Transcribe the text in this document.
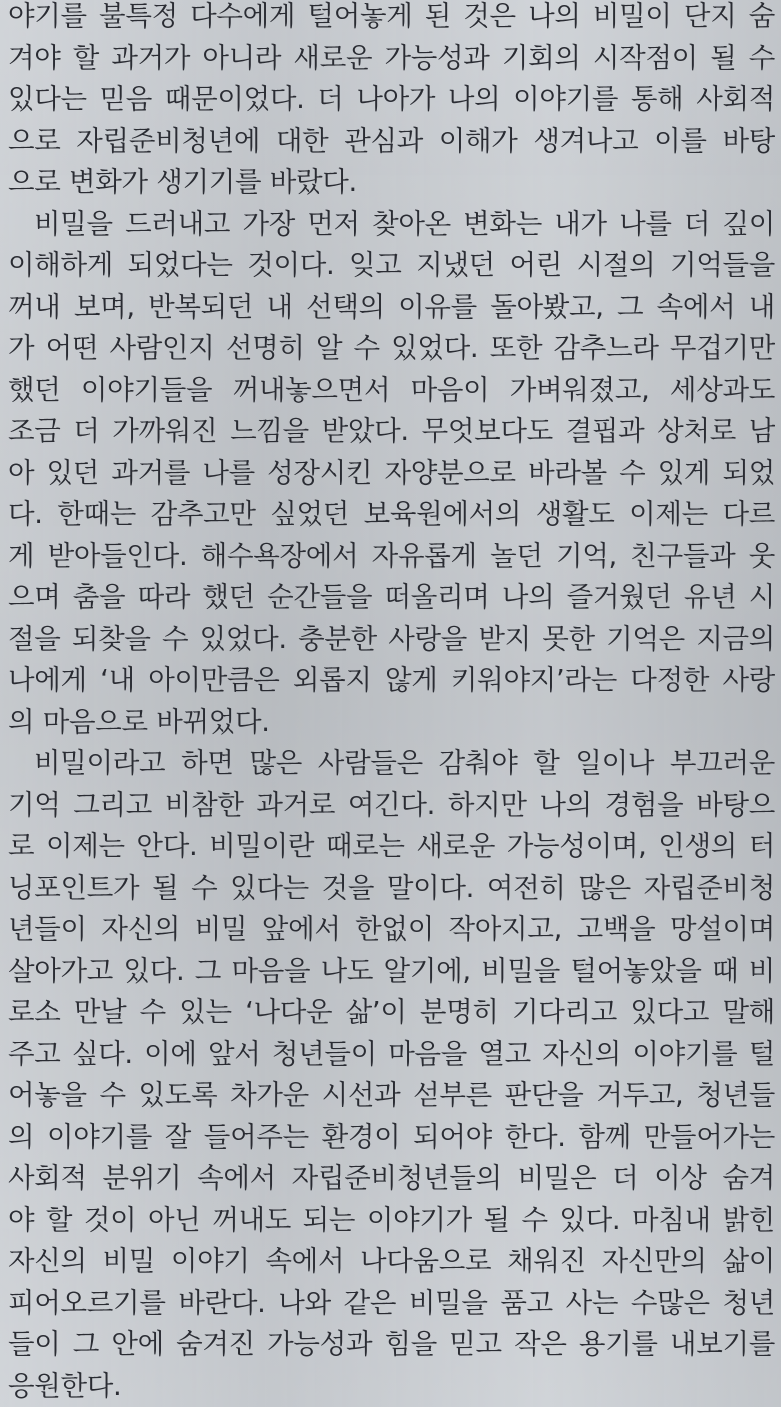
야기를 불특정 다수에게 털어놓게 된 것은 나의 비밀이 단지 숨
겨야 할 과거가 아니라 새로운 가능성과 기회의 시작점이 될 수
있다는 믿음 때문이었다. 더 나아가 나의 이야기를 통해 사회적
으로 자립준비청년에 대한 관심과 이해가 생겨나고 이를 바탕
으로 변화가 생기기를 바랐다.
비밀을 드러내고 가장 먼저 찾아온 변화는 내가 나를 더 깊이
이해하게 되었다는 것이다. 잊고 지냈던 어린 시절의 기억들을
꺼내 보며, 반복되던 내 선택의 이유를 돌아봤고, 그 속에서 내
가 어떤 사람인지 선명히 알 수 있었다. 또한 감추느라 무겁기만
했던 이야기들을 꺼내놓으면서 마음이 가벼워졌고, 세상과도
조금 더 가까워진 느낌을 받았다. 무엇보다도 결핍과 상처로 남
아 있던 과거를 나를 성장시킨 자양분으로 바라볼 수 있게 되었
다. 한때는 감추고만 싶었던 보육원에서의 생활도 이제는 다르
게 받아들인다. 해수욕장에서 자유롭게 놀던 기억, 친구들과 웃
으며 춤을 따라 했던 순간들을 떠올리며 나의 즐거웠던 유년 시
절을 되찾을 수 있었다. 충분한 사랑을 받지 못한 기억은 지금의
나에게 ‘내 아이만큼은 외롭지 않게 키워야지’라는 다정한 사랑
의 마음으로 바뀌었다.
비밀이라고 하면 많은 사람들은 감춰야 할 일이나 부끄러운
기억 그리고 비참한 과거로 여긴다. 하지만 나의 경험을 바탕으
로 이제는 안다. 비밀이란 때로는 새로운 가능성이며, 인생의 터
닝포인트가 될 수 있다는 것을 말이다. 여전히 많은 자립준비청
년들이 자신의 비밀 앞에서 한없이 작아지고, 고백을 망설이며
살아가고 있다. 그 마음을 나도 알기에, 비밀을 털어놓았을 때 비
로소 만날 수 있는 ‘나다운 삶’이 분명히 기다리고 있다고 말해
주고 싶다. 이에 앞서 청년들이 마음을 열고 자신의 이야기를 털
어놓을 수 있도록 차가운 시선과 섣부른 판단을 거두고, 청년들
의 이야기를 잘 들어주는 환경이 되어야 한다. 함께 만들어가는
사회적 분위기 속에서 자립준비청년들의 비밀은 더 이상 숨겨
야 할 것이 아닌 꺼내도 되는 이야기가 될 수 있다. 마침내 밝힌
자신의 비밀 이야기 속에서 나다움으로 채워진 자신만의 삶이
피어오르기를 바란다. 나와 같은 비밀을 품고 사는 수많은 청년
들이 그 안에 숨겨진 가능성과 힘을 믿고 작은 용기를 내보기를
응원한다.
